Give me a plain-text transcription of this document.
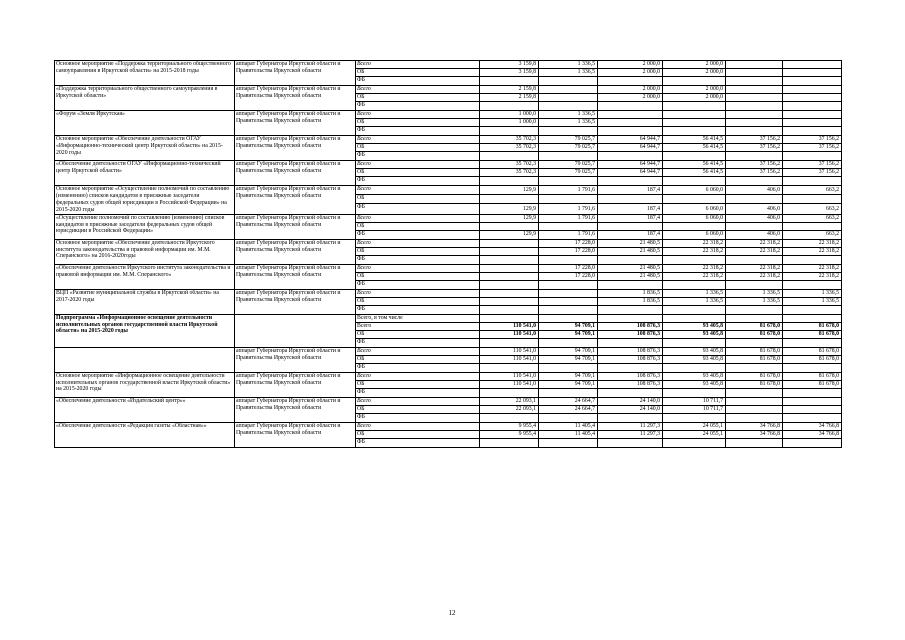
Основное мероприятие «Поддержка территориального общественного самоуправления в Иркутской области» на 2015-2018 годы	аппарат Губернатора Иркутской области и Правительства Иркутской области	Всего	3 159,8	1 336,5	2 000,0	2 000,0		
		ОБ	3 159,8	1 336,5	2 000,0	2 000,0		
		ФБ						
«Поддержка территориального общественного самоуправления в Иркутской области»	аппарат Губернатора Иркутской области и Правительства Иркутской области	Всего	2 159,8		2 000,0	2 000,0		
		ОБ	2 159,8		2 000,0	2 000,0		
		ФБ						
«Форум «Земля Иркутская»	аппарат Губернатора Иркутской области и Правительства Иркутской области	Всего	1 000,0	1 336,5				
		ОБ	1 000,0	1 336,5				
		ФБ						
Основное мероприятие «Обеспечение деятельности ОГАУ «Информационно-технический центр Иркутской области» на 2015-2020 годы	аппарат Губернатора Иркутской области и Правительства Иркутской области	Всего	35 702,3	79 025,7	64 944,7	56 414,5	37 156,2	37 156,2
		ОБ	35 702,3	79 025,7	64 944,7	56 414,5	37 156,2	37 156,2
		ФБ						
«Обеспечение деятельности ОГАУ «Информационно-технический центр Иркутской области»	аппарат Губернатора Иркутской области и Правительства Иркутской области	Всего	35 702,3	79 025,7	64 944,7	56 414,5	37 156,2	37 156,2
		ОБ	35 702,3	79 025,7	64 944,7	56 414,5	37 156,2	37 156,2
		ФБ						
Основное мероприятие «Осуществление полномочий по составлению (изменению) списков кандидатов в присяжные заседатели федеральных судов общей юрисдикции в Российской Федерации» на 2015-2020 годы	аппарат Губернатора Иркутской области и Правительства Иркутской области	Всего	129,9	1 791,6	187,4	6 060,0	406,0	663,2
		ОБ						
		ФБ	129,9	1 791,6	187,4	6 060,0	406,0	663,2
«Осуществление полномочий по составлению (изменению) списков кандидатов в присяжные заседатели федеральных судов общей юрисдикции в Российской Федерации»	аппарат Губернатора Иркутской области и Правительства Иркутской области	Всего	129,9	1 791,6	187,4	6 060,0	406,0	663,2
		ОБ						
		ФБ	129,9	1 791,6	187,4	6 060,0	406,0	663,2
Основное мероприятие «Обеспечение деятельности Иркутского института законодательства и правовой информации им. М.М. Сперанского» на 2016-2020годы	аппарат Губернатора Иркутской области и Правительства Иркутской области	Всего		17 228,0	21 480,5	22 318,2	22 318,2	22 318,2
		ОБ		17 228,0	21 480,5	22 318,2	22 318,2	22 318,2
		ФБ						
«Обеспечение деятельности Иркутского института законодательства и правовой информации им. М.М. Сперанского»	аппарат Губернатора Иркутской области и Правительства Иркутской области	Всего		17 228,0	21 480,5	22 318,2	22 318,2	22 318,2
		ОБ		17 228,0	21 480,5	22 318,2	22 318,2	22 318,2
		ФБ						
ВЦП «Развитие муниципальной службы в Иркутской области» на 2017-2020 годы	аппарат Губернатора Иркутской области и Правительства Иркутской области	Всего			1 836,5	1 336,5	1 336,5	1 336,5
		ОБ			1 836,5	1 336,5	1 336,5	1 336,5
		ФБ						
Подпрограмма «Информационное освещение деятельности исполнительных органов государственной власти Иркутской области» на 2015-2020 годы		Всего, в том числе						
		Всего	110 541,0	94 709,1	108 876,3	93 405,8	81 678,0	81 678,0
		ОБ	110 541,0	94 709,1	108 876,3	93 405,8	81 678,0	81 678,0
		ФБ						
	аппарат Губернатора Иркутской области и Правительства Иркутской области	Всего	110 541,0	94 709,1	108 876,3	93 405,8	81 678,0	81 678,0
		ОБ	110 541,0	94 709,1	108 876,3	93 405,8	81 678,0	81 678,0
		ФБ						
Основное мероприятие «Информационное освещение деятельности исполнительных органов государственной власти Иркутской области» на 2015-2020 годы	аппарат Губернатора Иркутской области и Правительства Иркутской области	Всего	110 541,0	94 709,1	108 876,3	93 405,8	81 678,0	81 678,0
		ОБ	110 541,0	94 709,1	108 876,3	93 405,8	81 678,0	81 678,0
		ФБ						
«Обеспечение деятельности «Издательский центр»»	аппарат Губернатора Иркутской области и Правительства Иркутской области	Всего	22 093,1	24 664,7	24 140,0	10 711,7		
		ОБ	22 093,1	24 664,7	24 140,0	10 711,7		
		ФБ						
«Обеспечение деятельности «Редакция газеты «Областная»»	аппарат Губернатора Иркутской области и Правительства Иркутской области	Всего	9 955,4	11 405,4	11 297,3	24 055,1	34 766,8	34 766,8
		ОБ	9 955,4	11 405,4	11 297,3	24 055,1	34 766,8	34 766,8
		ФБ						
12
